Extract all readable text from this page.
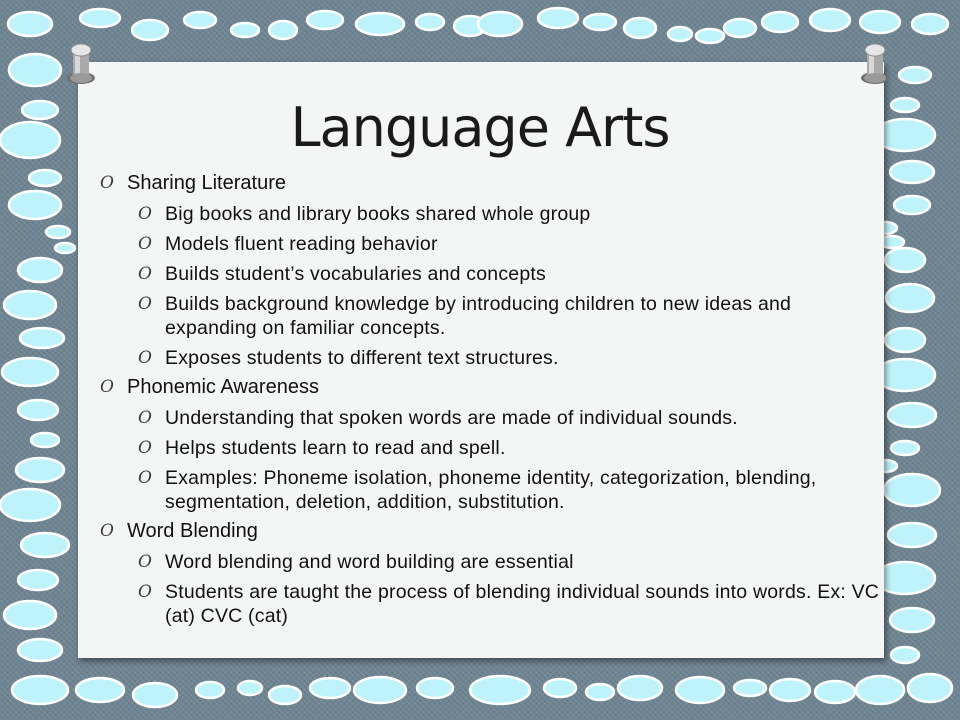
Language Arts
O Sharing Literature
O Big books and library books shared whole group
O Models fluent reading behavior
O Builds student’s vocabularies and concepts
O Builds background knowledge by introducing children to new ideas and expanding on familiar concepts.
O Exposes students to different text structures.
O Phonemic Awareness
O Understanding that spoken words are made of individual sounds.
O Helps students learn to read and spell.
O Examples: Phoneme isolation, phoneme identity, categorization, blending, segmentation, deletion, addition, substitution.
O Word Blending
O Word blending and word building are essential
O Students are taught the process of blending individual sounds into words. Ex: VC (at) CVC (cat)
